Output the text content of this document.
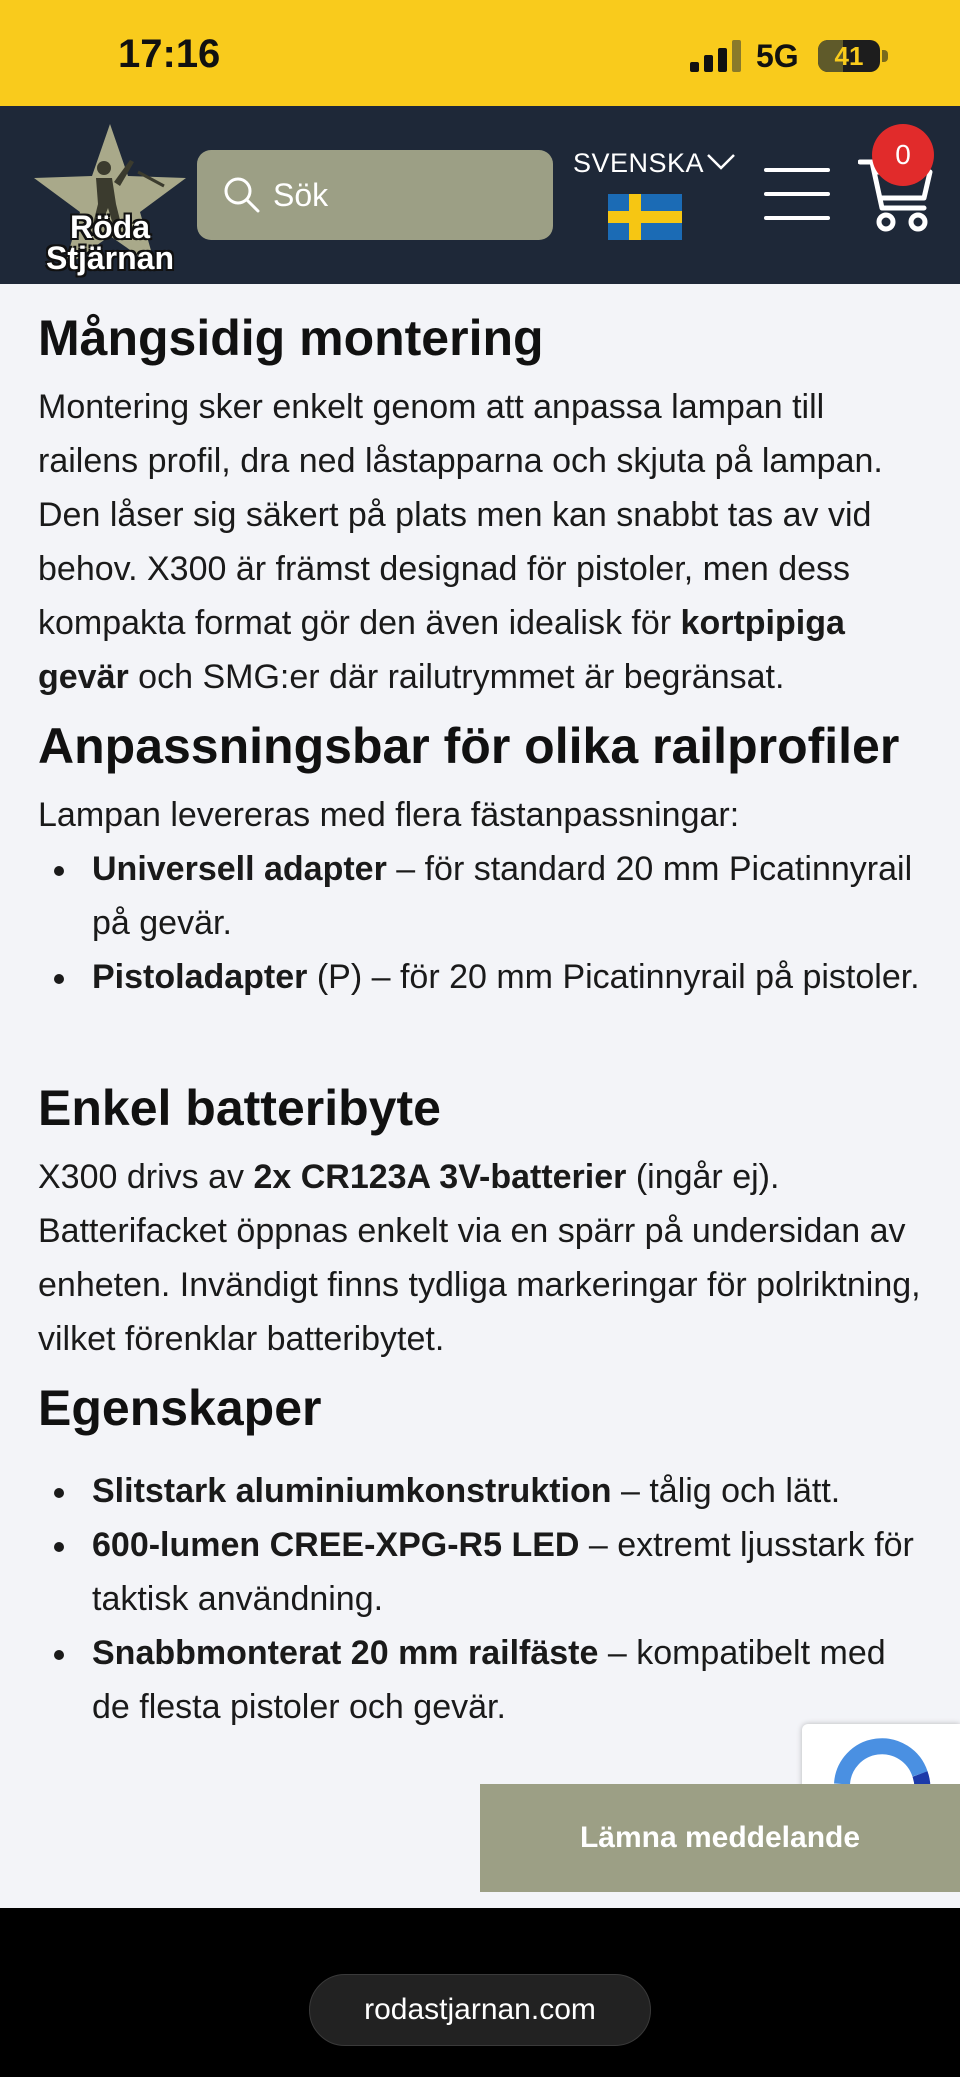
17:16	5G	41
Röda
Stjärnan
Sök
SVENSKA	0
Mångsidig montering

Montering sker enkelt genom att anpassa lampan till railens profil, dra ned låstapparna och skjuta på lampan. Den låser sig säkert på plats men kan snabbt tas av vid behov. X300 är främst designad för pistoler, men dess kompakta format gör den även idealisk för kortpipiga gevär och SMG:er där railutrymmet är begränsat.

Anpassningsbar för olika railprofiler

Lampan levereras med flera fästanpassningar:

Universell adapter – för standard 20 mm Picatinnyrail på gevär.
Pistoladapter (P) – för 20 mm Picatinnyrail på pistoler.
Enkel batteribyte

X300 drivs av 2x CR123A 3V-batterier (ingår ej). Batterifacket öppnas enkelt via en spärr på undersidan av enheten. Invändigt finns tydliga markeringar för polriktning, vilket förenklar batteribytet.

Egenskaper
Slitstark aluminiumkonstruktion – tålig och lätt.
600-lumen CREE-XPG-R5 LED – extremt ljusstark för taktisk användning.
Snabbmonterat 20 mm railfäste – kompatibelt med de flesta pistoler och gevär.
Lämna meddelande
rodastjarnan.com
